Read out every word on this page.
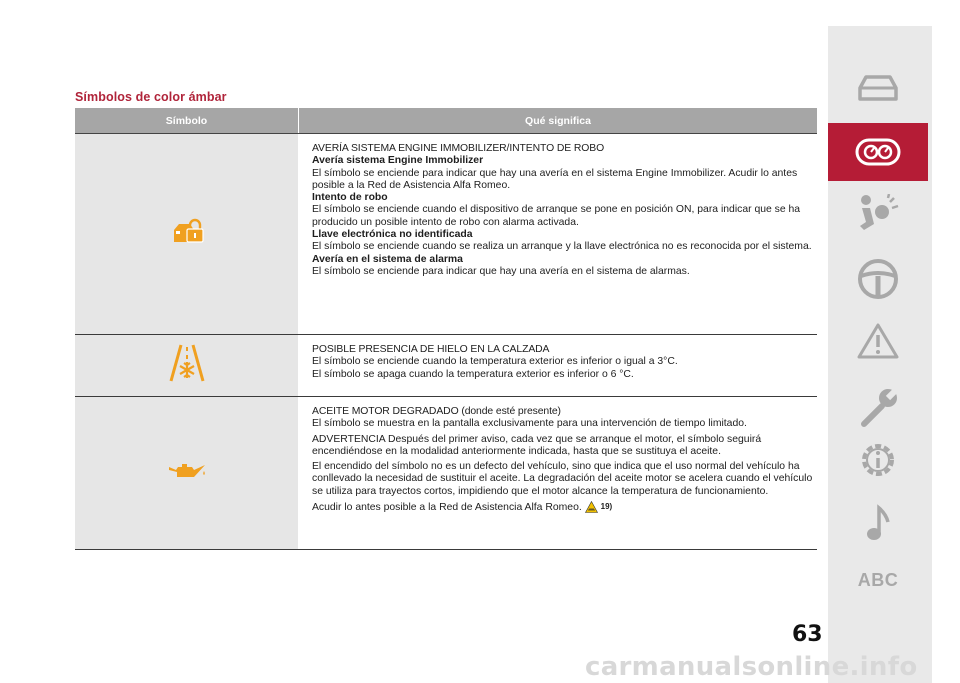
Símbolos de color ámbar
Símbolo	Qué significa
AVERÍA SISTEMA ENGINE IMMOBILIZER/INTENTO DE ROBO
Avería sistema Engine Immobilizer
El símbolo se enciende para indicar que hay una avería en el sistema Engine Immobilizer. Acudir lo antes posible a la Red de Asistencia Alfa Romeo.
Intento de robo
El símbolo se enciende cuando el dispositivo de arranque se pone en posición ON, para indicar que se ha producido un posible intento de robo con alarma activada.
Llave electrónica no identificada
El símbolo se enciende cuando se realiza un arranque y la llave electrónica no es reconocida por el sistema.
Avería en el sistema de alarma
El símbolo se enciende para indicar que hay una avería en el sistema de alarmas.
POSIBLE PRESENCIA DE HIELO EN LA CALZADA
El símbolo se enciende cuando la temperatura exterior es inferior o igual a 3°C.
El símbolo se apaga cuando la temperatura exterior es inferior o 6 °C.
ACEITE MOTOR DEGRADADO (donde esté presente)
El símbolo se muestra en la pantalla exclusivamente para una intervención de tiempo limitado.
ADVERTENCIA Después del primer aviso, cada vez que se arranque el motor, el símbolo seguirá encendiéndose en la modalidad anteriormente indicada, hasta que se sustituya el aceite.
El encendido del símbolo no es un defecto del vehículo, sino que indica que el uso normal del vehículo ha conllevado la necesidad de sustituir el aceite. La degradación del aceite motor se acelera cuando el vehículo se utiliza para trayectos cortos, impidiendo que el motor alcance la temperatura de funcionamiento.
Acudir lo antes posible a la Red de Asistencia Alfa Romeo. 19)
ABC
63
carmanualsonline.info
